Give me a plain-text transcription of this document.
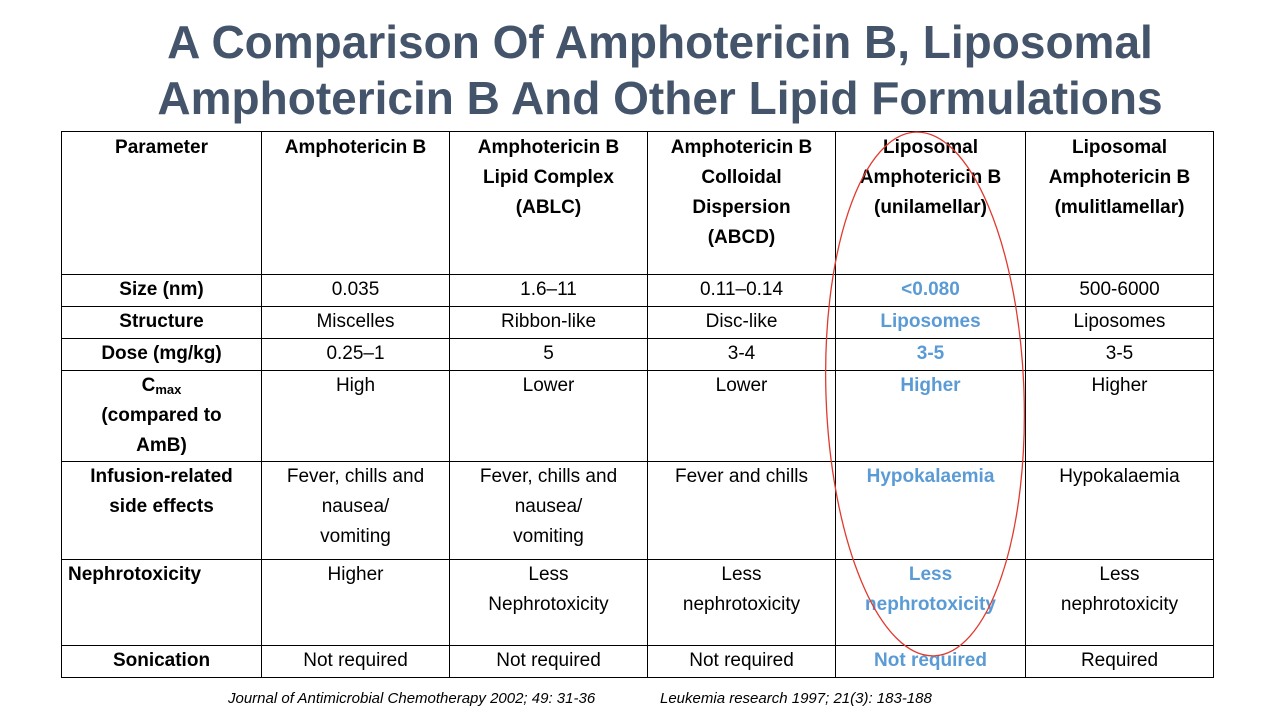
A Comparison Of Amphotericin B, Liposomal
Amphotericin B And Other Lipid Formulations
Parameter	Amphotericin B	Amphotericin B
Lipid Complex
(ABLC)	Amphotericin B
Colloidal
Dispersion
(ABCD)	Liposomal
Amphotericin B
(unilamellar)	Liposomal
Amphotericin B
(mulitlamellar)

Size (nm)	0.035	1.6–11	0.11–0.14	<0.080	500-6000
Structure	Miscelles	Ribbon-like	Disc-like	Liposomes	Liposomes
Dose (mg/kg)	0.25–1	5	3-4	3-5	3-5

$C_{max}$
(compared to
AmB)	High	Lower	Lower	Higher	Higher

Infusion-related
side effects	Fever, chills and
nausea/
vomiting	Fever, chills and
nausea/
vomiting	Fever and chills	Hypokalaemia	Hypokalaemia

Nephrotoxicity	Higher	Less
Nephrotoxicity	Less
nephrotoxicity	Less
nephrotoxicity	Less
nephrotoxicity

Sonication	Not required	Not required	Not required	Not required	Required
Journal of Antimicrobial Chemotherapy 2002; 49: 31-36	Leukemia research 1997; 21(3): 183-188
